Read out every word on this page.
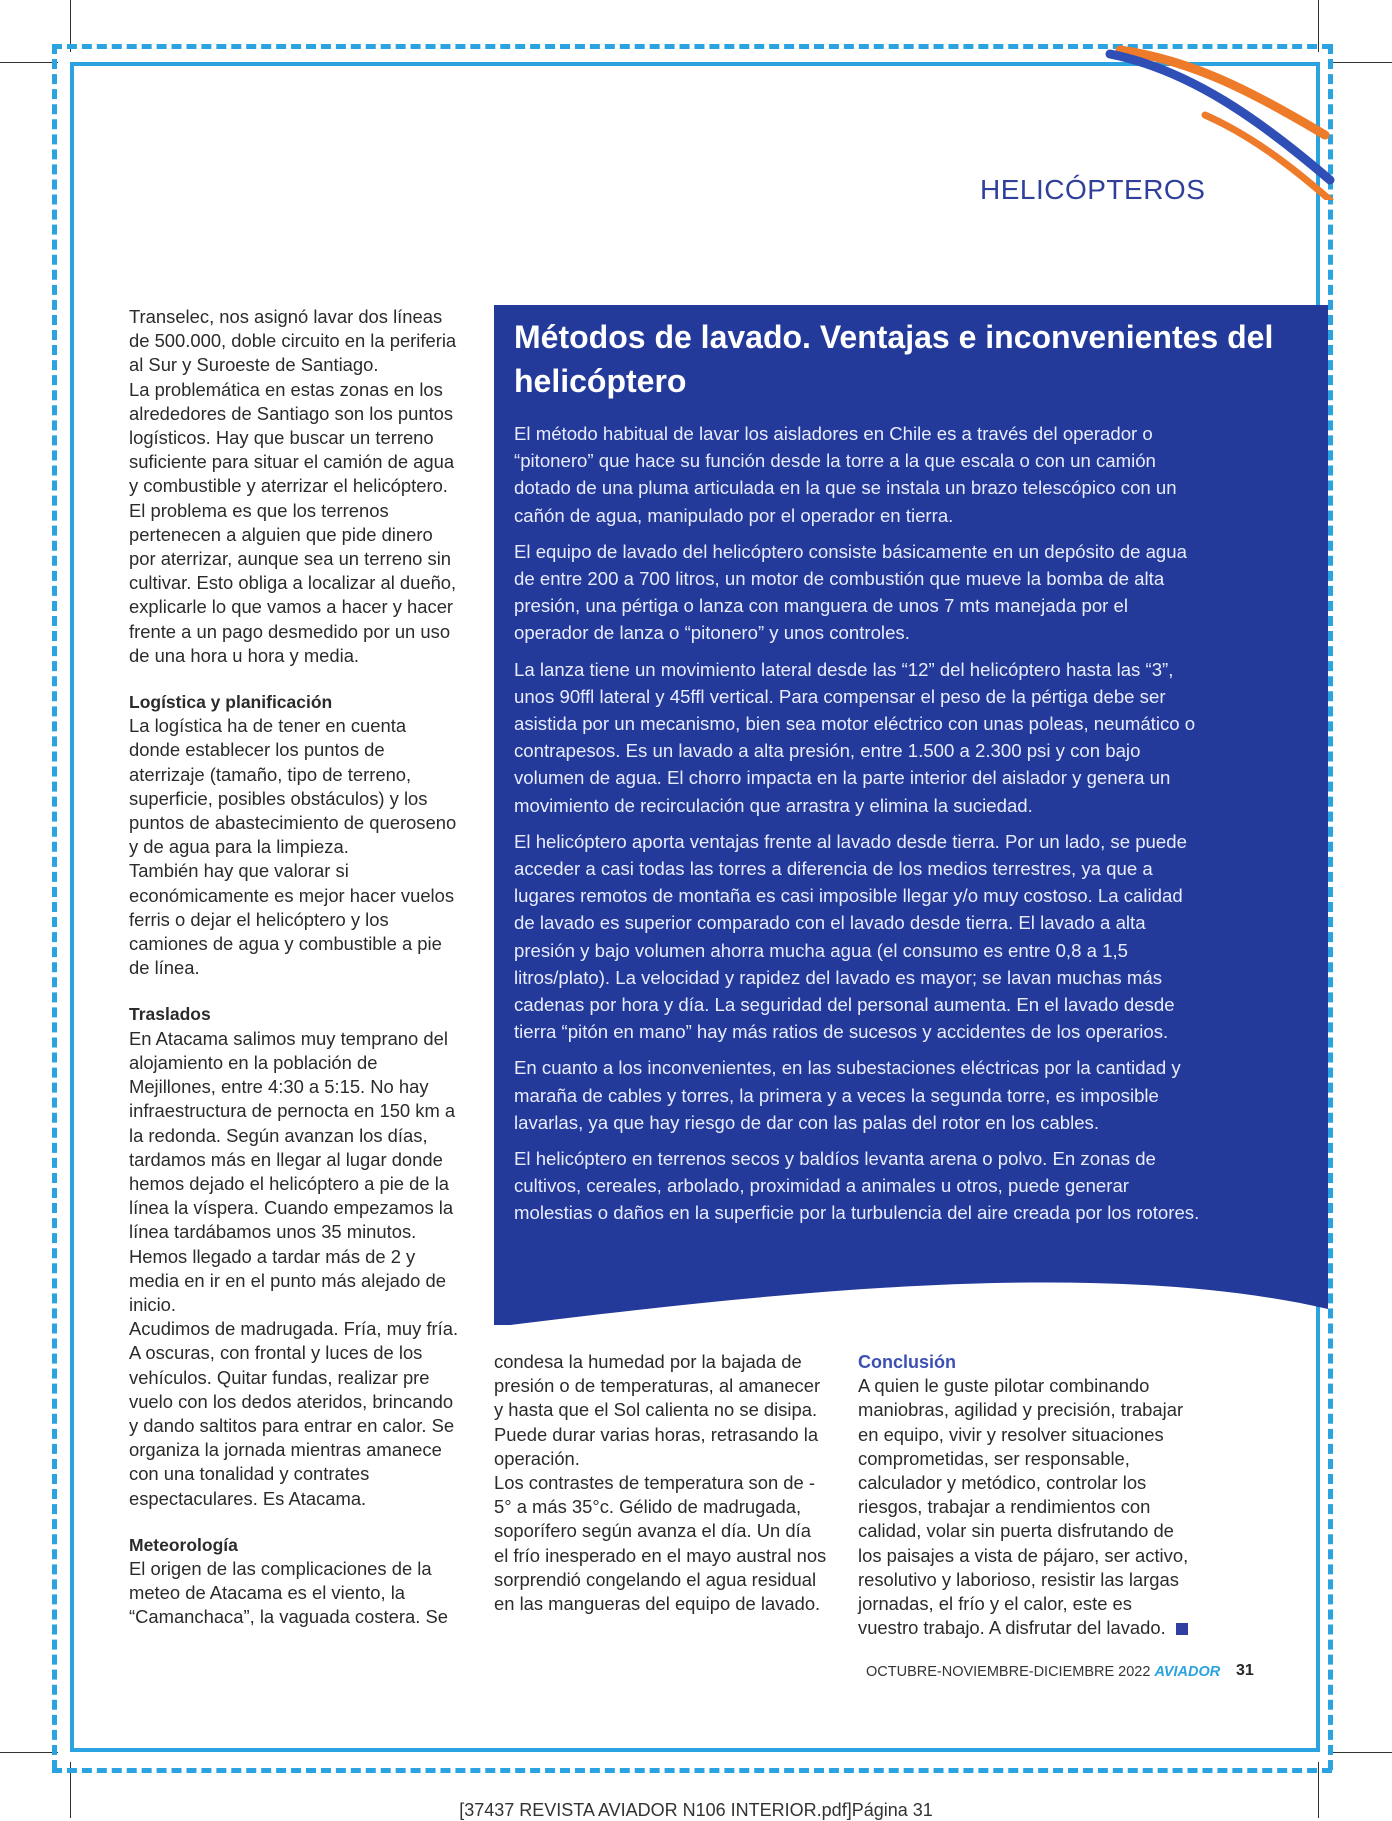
HELICÓPTEROS

Transelec, nos asignó lavar dos líneas de 500.000, doble circuito en la periferia al Sur y Suroeste de Santiago.

La problemática en estas zonas en los alrededores de Santiago son los puntos logísticos. Hay que buscar un terreno suficiente para situar el camión de agua y combustible y aterrizar el helicóptero. El problema es que los terrenos pertenecen a alguien que pide dinero por aterrizar, aunque sea un terreno sin cultivar. Esto obliga a localizar al dueño, explicarle lo que vamos a hacer y hacer frente a un pago desmedido por un uso de una hora u hora y media.

Logística y planificación

La logística ha de tener en cuenta donde establecer los puntos de aterrizaje (tamaño, tipo de terreno, superficie, posibles obstáculos) y los puntos de abastecimiento de queroseno y de agua para la limpieza.

También hay que valorar si económicamente es mejor hacer vuelos ferris o dejar el helicóptero y los camiones de agua y combustible a pie de línea.

Traslados

En Atacama salimos muy temprano del alojamiento en la población de Mejillones, entre 4:30 a 5:15. No hay infraestructura de pernocta en 150 km a la redonda. Según avanzan los días, tardamos más en llegar al lugar donde hemos dejado el helicóptero a pie de la línea la víspera. Cuando empezamos la línea tardábamos unos 35 minutos. Hemos llegado a tardar más de 2 y media en ir en el punto más alejado de inicio.

Acudimos de madrugada. Fría, muy fría. A oscuras, con frontal y luces de los vehículos. Quitar fundas, realizar pre vuelo con los dedos ateridos, brincando y dando saltitos para entrar en calor. Se organiza la jornada mientras amanece con una tonalidad y contrates espectaculares. Es Atacama.

Meteorología

El origen de las complicaciones de la meteo de Atacama es el viento, la “Camanchaca”, la vaguada costera. Se

Métodos de lavado. Ventajas e inconvenientes del helicóptero

El método habitual de lavar los aisladores en Chile es a través del operador o “pitonero” que hace su función desde la torre a la que escala o con un camión dotado de una pluma articulada en la que se instala un brazo telescópico con un cañón de agua, manipulado por el operador en tierra.

El equipo de lavado del helicóptero consiste básicamente en un depósito de agua de entre 200 a 700 litros, un motor de combustión que mueve la bomba de alta presión, una pértiga o lanza con manguera de unos 7 mts manejada por el operador de lanza o “pitonero” y unos controles.

La lanza tiene un movimiento lateral desde las “12” del helicóptero hasta las “3”, unos 90ffl lateral y 45ffl vertical. Para compensar el peso de la pértiga debe ser asistida por un mecanismo, bien sea motor eléctrico con unas poleas, neumático o contrapesos. Es un lavado a alta presión, entre 1.500 a 2.300 psi y con bajo volumen de agua. El chorro impacta en la parte interior del aislador y genera un movimiento de recirculación que arrastra y elimina la suciedad.

El helicóptero aporta ventajas frente al lavado desde tierra. Por un lado, se puede acceder a casi todas las torres a diferencia de los medios terrestres, ya que a lugares remotos de montaña es casi imposible llegar y/o muy costoso. La calidad de lavado es superior comparado con el lavado desde tierra. El lavado a alta presión y bajo volumen ahorra mucha agua (el consumo es entre 0,8 a 1,5 litros/plato). La velocidad y rapidez del lavado es mayor; se lavan muchas más cadenas por hora y día. La seguridad del personal aumenta. En el lavado desde tierra “pitón en mano” hay más ratios de sucesos y accidentes de los operarios.

En cuanto a los inconvenientes, en las subestaciones eléctricas por la cantidad y maraña de cables y torres, la primera y a veces la segunda torre, es imposible lavarlas, ya que hay riesgo de dar con las palas del rotor en los cables.

El helicóptero en terrenos secos y baldíos levanta arena o polvo. En zonas de cultivos, cereales, arbolado, proximidad a animales u otros, puede generar molestias o daños en la superficie por la turbulencia del aire creada por los rotores.

condesa la humedad por la bajada de presión o de temperaturas, al amanecer y hasta que el Sol calienta no se disipa. Puede durar varias horas, retrasando la operación.

Los contrastes de temperatura son de - 5° a más 35°c. Gélido de madrugada, soporífero según avanza el día. Un día el frío inesperado en el mayo austral nos sorprendió congelando el agua residual en las mangueras del equipo de lavado.

Conclusión

A quien le guste pilotar combinando maniobras, agilidad y precisión, trabajar en equipo, vivir y resolver situaciones comprometidas, ser responsable, calculador y metódico, controlar los riesgos, trabajar a rendimientos con calidad, volar sin puerta disfrutando de los paisajes a vista de pájaro, ser activo, resolutivo y laborioso, resistir las largas jornadas, el frío y el calor, este es vuestro trabajo. A disfrutar del lavado.

OCTUBRE-NOVIEMBRE-DICIEMBRE 2022 AVIADOR 31
[37437 REVISTA AVIADOR N106 INTERIOR.pdf]Página 31
